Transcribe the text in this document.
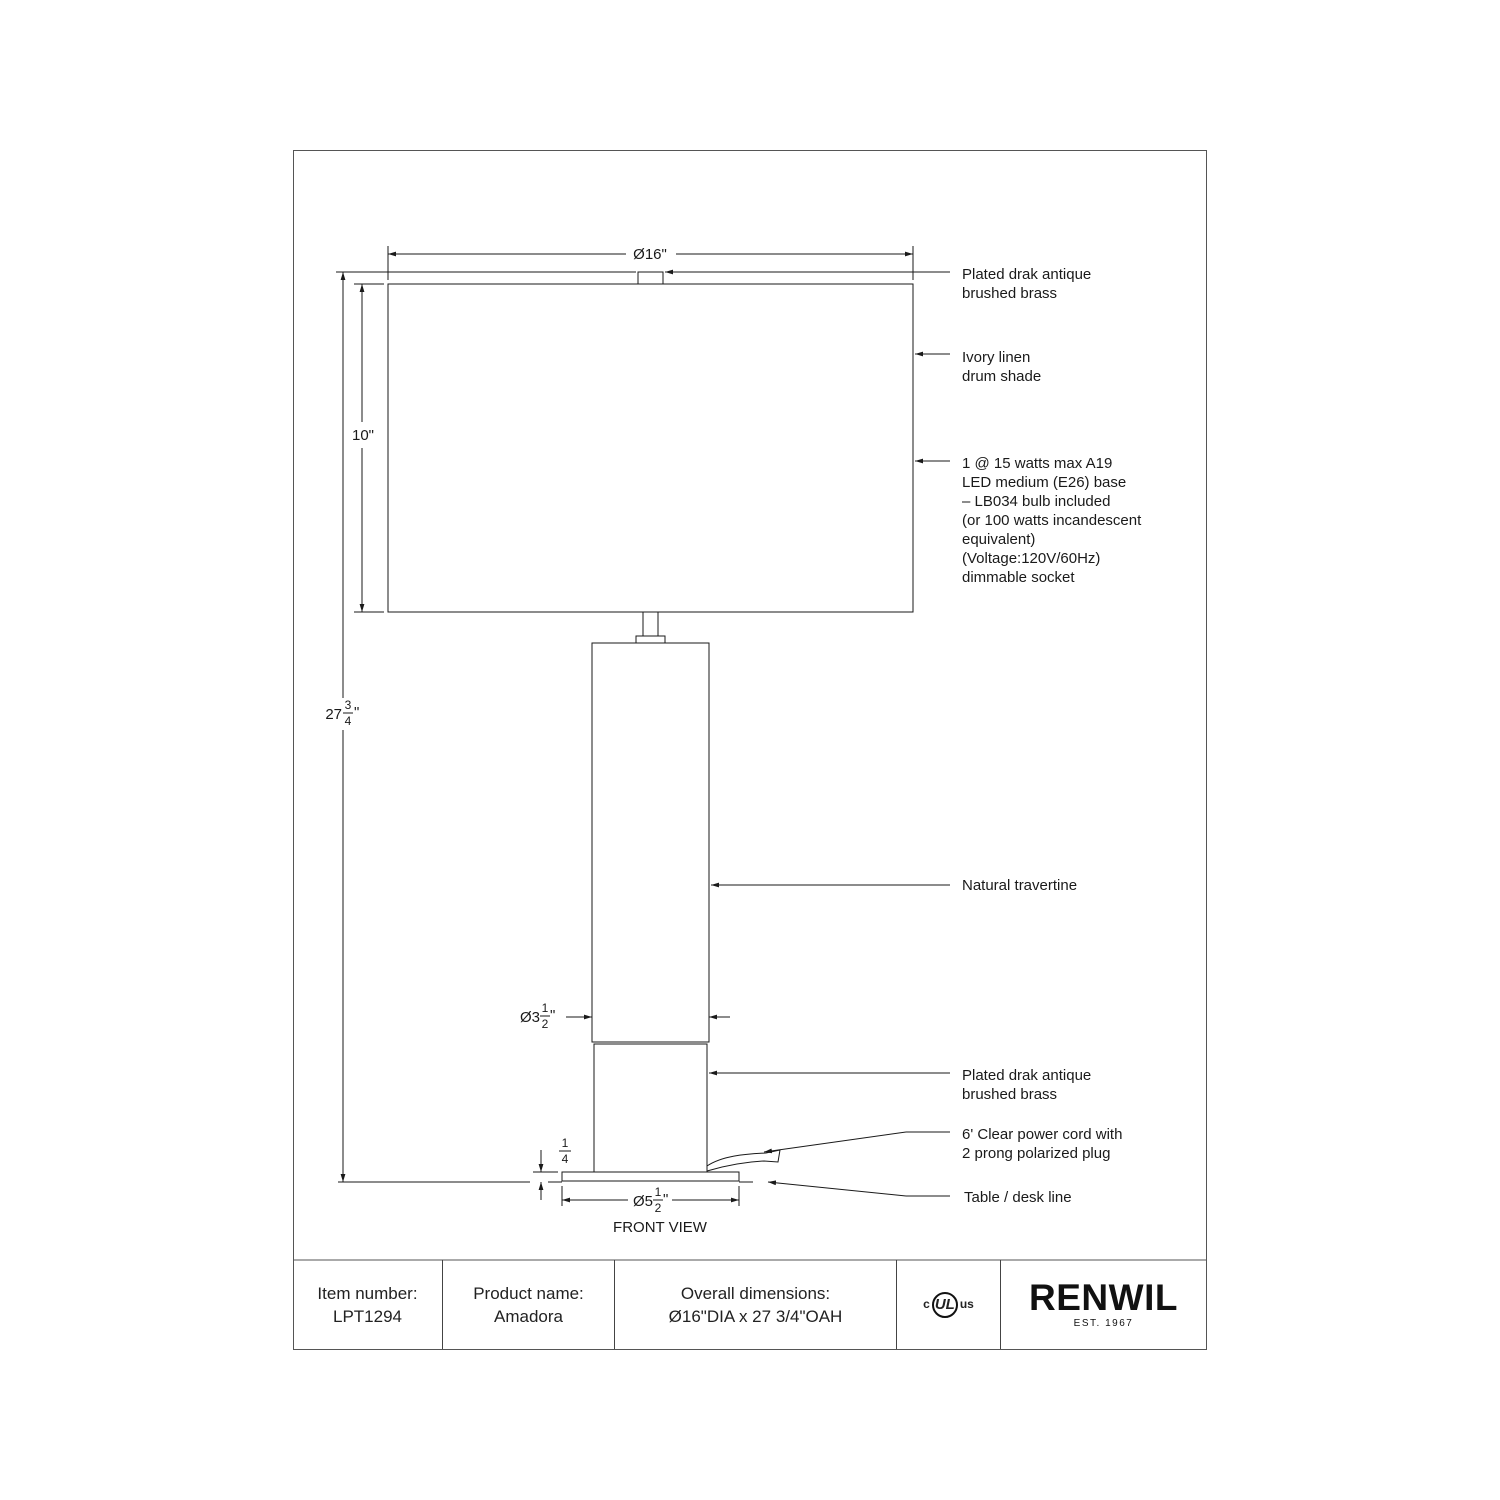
Ø16"
10"
27
3
4 "
Ø3
1
2 "
1
4
Ø5
1
2 "
FRONT VIEW
Plated drak antique
brushed brass
Ivory linen
drum shade
1 @ 15 watts max A19
LED medium (E26) base
– LB034 bulb included
(or 100 watts incandescent
equivalent)
(Voltage:120V/60Hz)
dimmable socket
Natural travertine
Plated drak antique
brushed brass
6' Clear power cord with
2 prong polarized plug
Table / desk line
Item number:
LPT1294
Product name:
Amadora
Overall dimensions:
Ø16"DIA x 27 3/4"OAH
c UL us RENWIL
EST. 1967
